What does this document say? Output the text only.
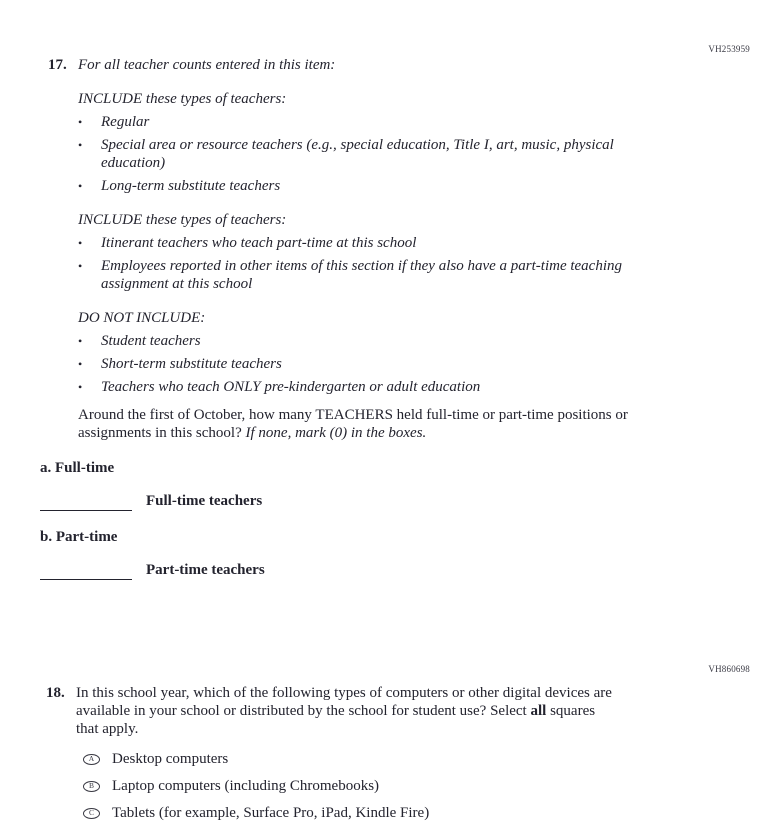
VH253959
VH860698
17. For all teacher counts entered in this item:

INCLUDE these types of teachers:

•	Regular
•	Special area or resource teachers (e.g., special education, Title I, art, music, physical education)
•	Long-term substitute teachers

INCLUDE these types of teachers:

•	Itinerant teachers who teach part-time at this school
•	Employees reported in other items of this section if they also have a part-time teaching assignment at this school

DO NOT INCLUDE:

•	Student teachers
•	Short-term substitute teachers
•	Teachers who teach ONLY pre-kindergarten or adult education

Around the first of October, how many TEACHERS held full-time or part-time positions or assignments in this school? If none, mark (0) in the boxes.

a. Full-time
Full-time teachers
b. Part-time
Part-time teachers
18. In this school year, which of the following types of computers or other digital devices are available in your school or distributed by the school for student use? Select all squares that apply.

A	Desktop computers
B	Laptop computers (including Chromebooks)
C	Tablets (for example, Surface Pro, iPad, Kindle Fire)
